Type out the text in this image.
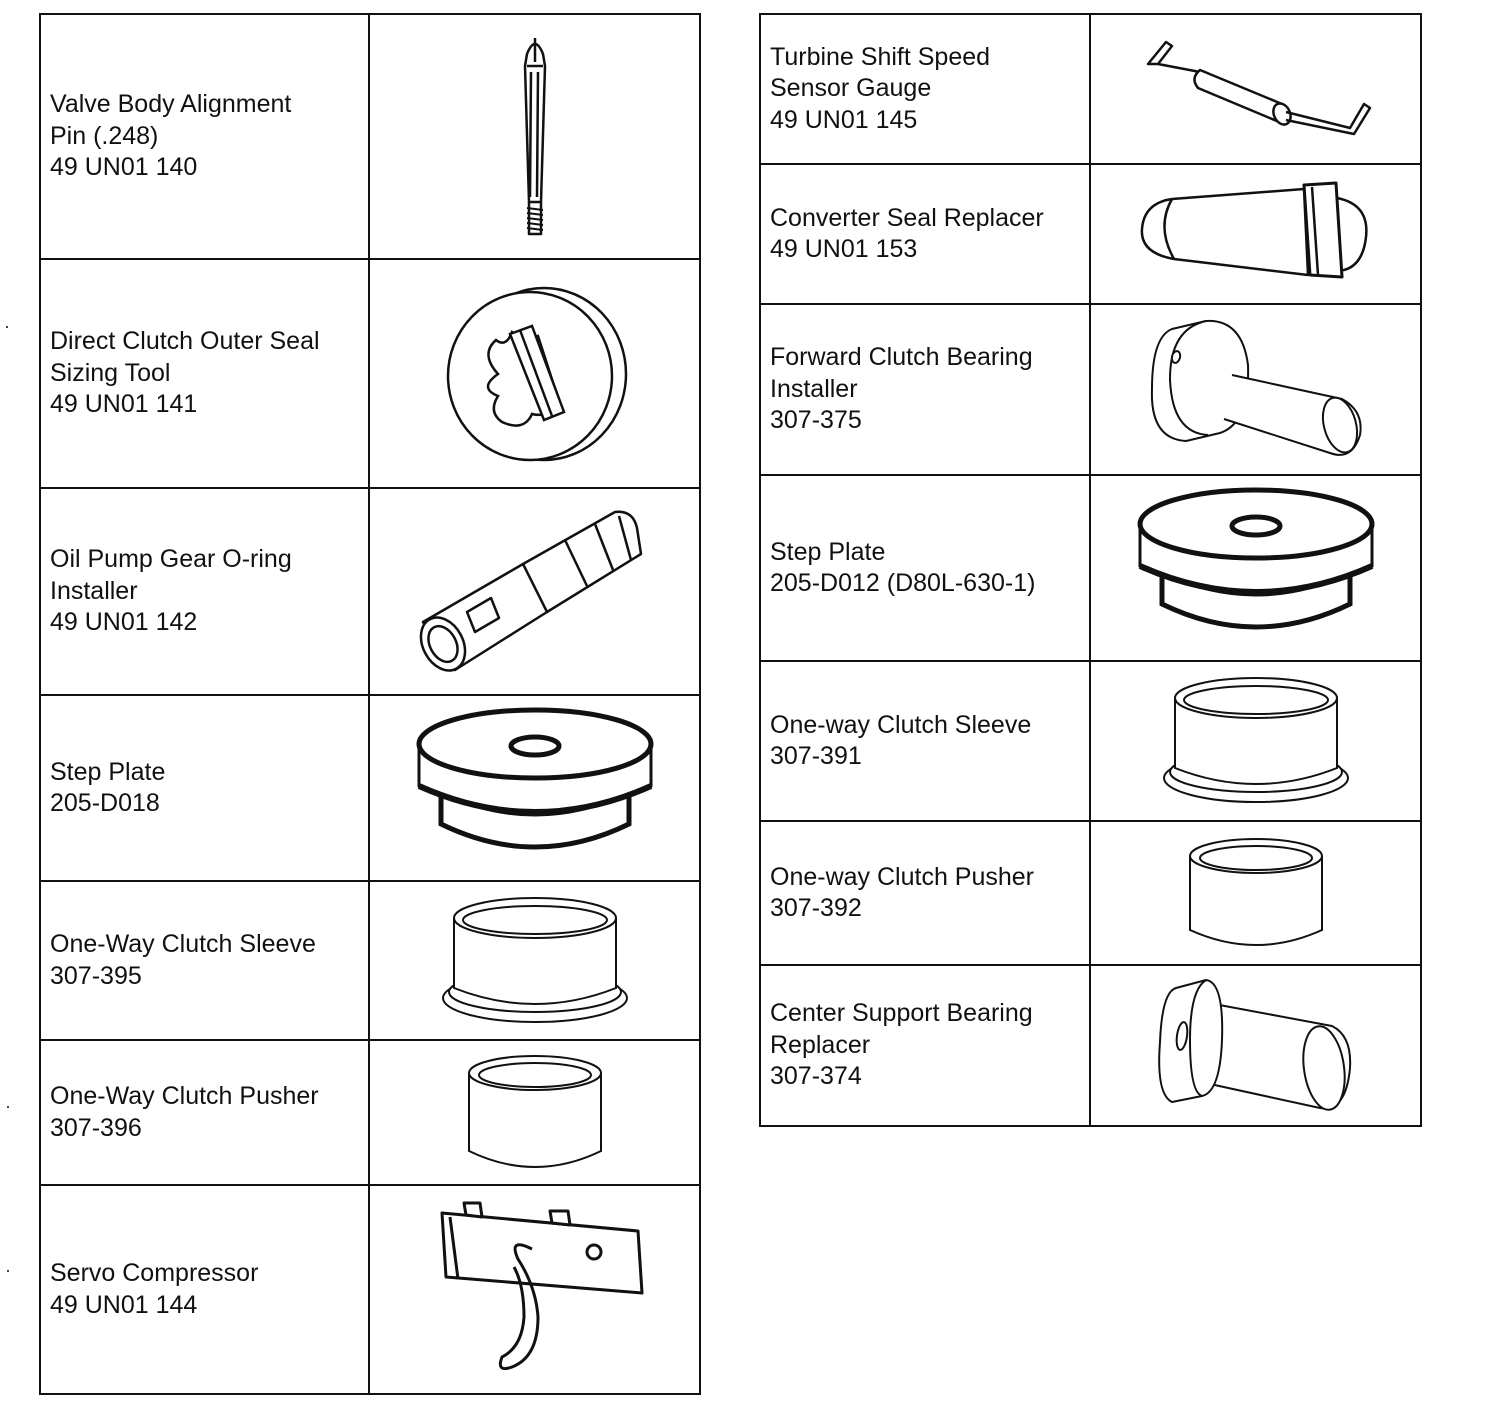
Valve Body Alignment
Pin (.248)
49 UN01 140

Direct Clutch Outer Seal
Sizing Tool
49 UN01 141

Oil Pump Gear O-ring
Installer
49 UN01 142

Step Plate
205-D018

One-Way Clutch Sleeve
307-395

One-Way Clutch Pusher
307-396

Servo Compressor
49 UN01 144

Turbine Shift Speed
Sensor Gauge
49 UN01 145

Converter Seal Replacer
49 UN01 153

Forward Clutch Bearing
Installer
307-375

Step Plate
205-D012 (D80L-630-1)

One-way Clutch Sleeve
307-391

One-way Clutch Pusher
307-392

Center Support Bearing
Replacer
307-374
